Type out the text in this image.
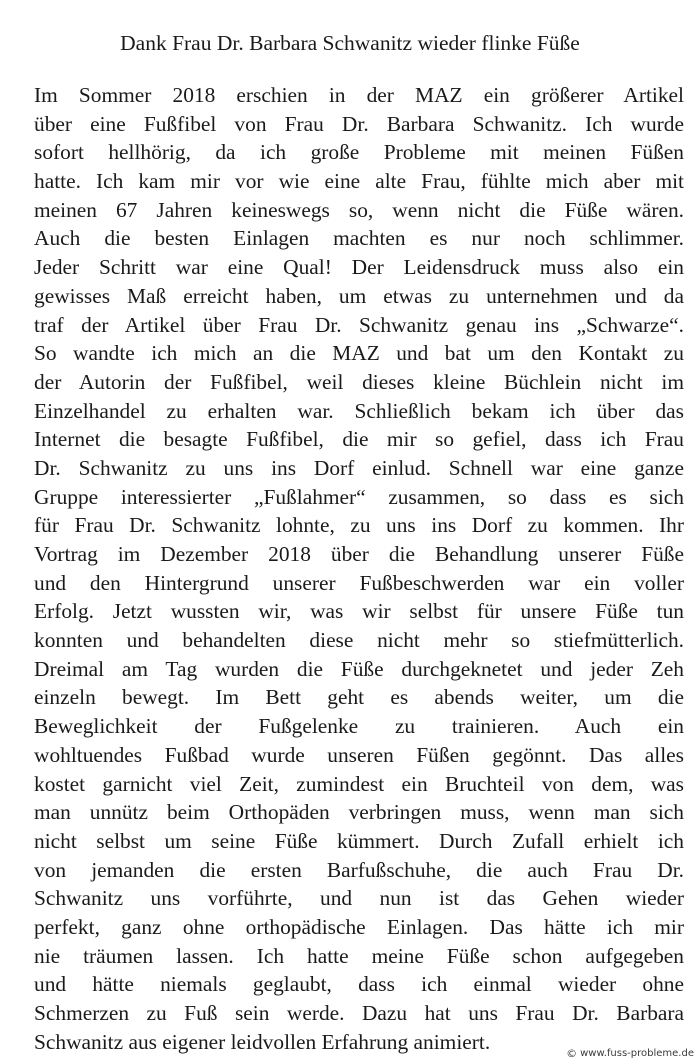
Dank Frau Dr. Barbara Schwanitz wieder flinke Füße
Im Sommer 2018 erschien in der MAZ ein größerer Artikel
über eine Fußfibel von Frau Dr. Barbara Schwanitz. Ich wurde
sofort hellhörig, da ich große Probleme mit meinen Füßen
hatte. Ich kam mir vor wie eine alte Frau, fühlte mich aber mit
meinen 67 Jahren keineswegs so, wenn nicht die Füße wären.
Auch die besten Einlagen machten es nur noch schlimmer.
Jeder Schritt war eine Qual! Der Leidensdruck muss also ein
gewisses Maß erreicht haben, um etwas zu unternehmen und da
traf der Artikel über Frau Dr. Schwanitz genau ins „Schwarze“.
So wandte ich mich an die MAZ und bat um den Kontakt zu
der Autorin der Fußfibel, weil dieses kleine Büchlein nicht im
Einzelhandel zu erhalten war. Schließlich bekam ich über das
Internet die besagte Fußfibel, die mir so gefiel, dass ich Frau
Dr. Schwanitz zu uns ins Dorf einlud. Schnell war eine ganze
Gruppe interessierter „Fußlahmer“ zusammen, so dass es sich
für Frau Dr. Schwanitz lohnte, zu uns ins Dorf zu kommen. Ihr
Vortrag im Dezember 2018 über die Behandlung unserer Füße
und den Hintergrund unserer Fußbeschwerden war ein voller
Erfolg. Jetzt wussten wir, was wir selbst für unsere Füße tun
konnten und behandelten diese nicht mehr so stiefmütterlich.
Dreimal am Tag wurden die Füße durchgeknetet und jeder Zeh
einzeln bewegt. Im Bett geht es abends weiter, um die
Beweglichkeit der Fußgelenke zu trainieren. Auch ein
wohltuendes Fußbad wurde unseren Füßen gegönnt. Das alles
kostet garnicht viel Zeit, zumindest ein Bruchteil von dem, was
man unnütz beim Orthopäden verbringen muss, wenn man sich
nicht selbst um seine Füße kümmert. Durch Zufall erhielt ich
von jemanden die ersten Barfußschuhe, die auch Frau Dr.
Schwanitz uns vorführte, und nun ist das Gehen wieder
perfekt, ganz ohne orthopädische Einlagen. Das hätte ich mir
nie träumen lassen. Ich hatte meine Füße schon aufgegeben
und hätte niemals geglaubt, dass ich einmal wieder ohne
Schmerzen zu Fuß sein werde. Dazu hat uns Frau Dr. Barbara
Schwanitz aus eigener leidvollen Erfahrung animiert.	© www.fuss-probleme.de
